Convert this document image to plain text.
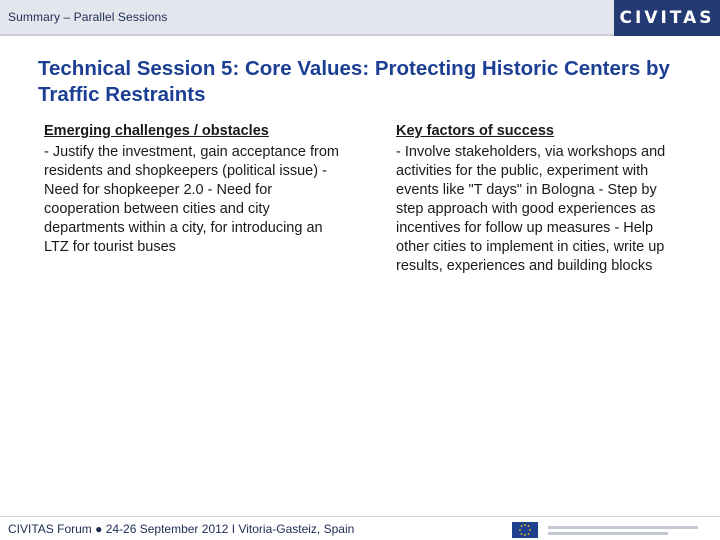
Summary – Parallel Sessions	CIVITAS
Technical Session 5: Core Values: Protecting Historic Centers by Traffic Restraints
Emerging challenges / obstacles
- Justify the investment, gain acceptance from residents and shopkeepers (political issue) - Need for shopkeeper 2.0 - Need for cooperation between cities and city departments within a city, for introducing an LTZ for tourist buses
Key factors of success
- Involve stakeholders, via workshops and activities for the public, experiment with events like "T days" in Bologna - Step by step approach with good experiences as incentives for follow up measures - Help other cities to implement in cities, write up results, experiences and building blocks
CIVITAS Forum ● 24-26 September 2012 I Vitoria-Gasteiz, Spain
